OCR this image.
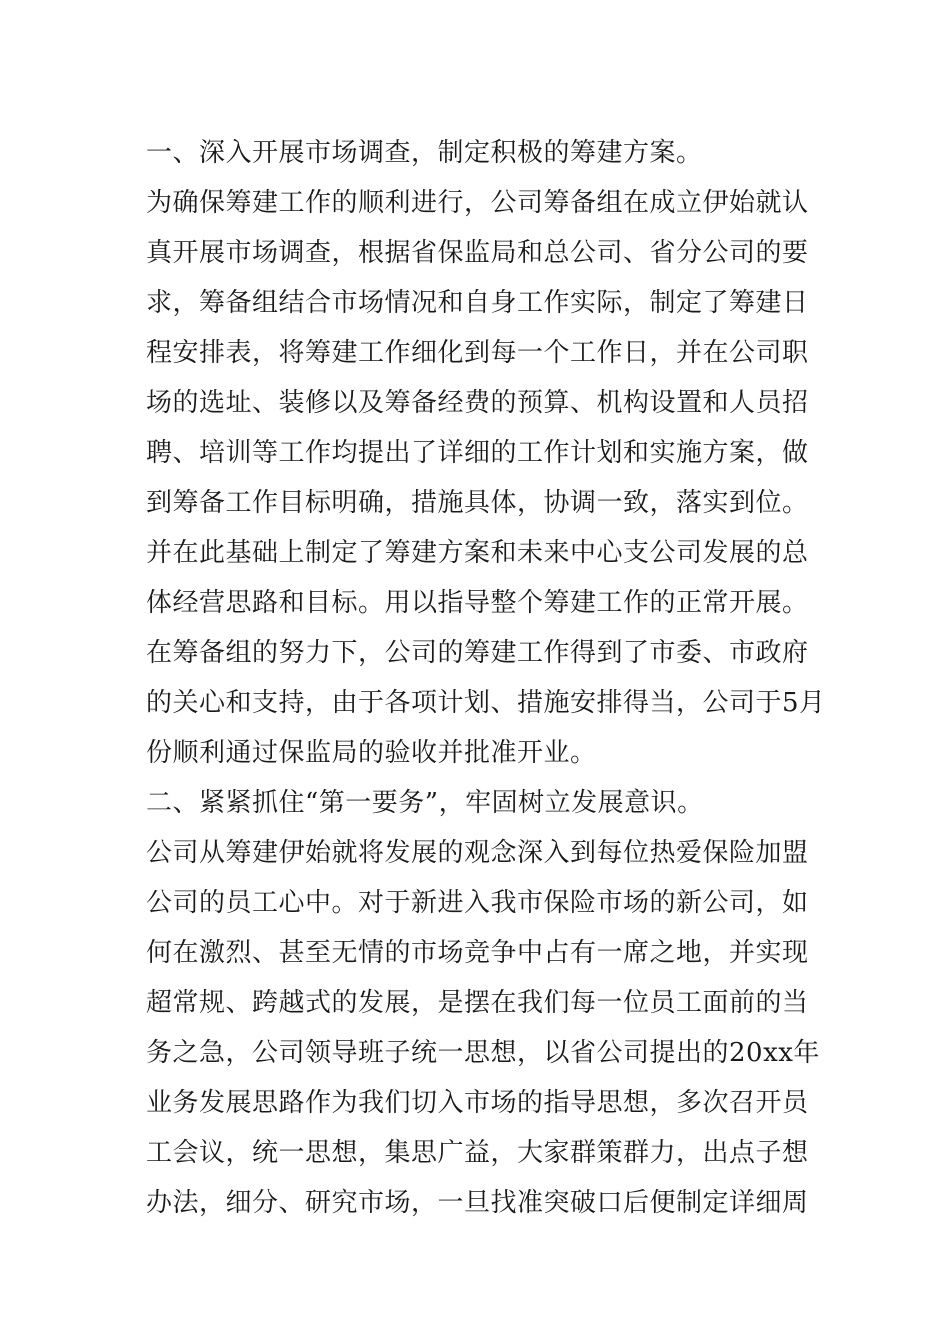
一、深入开展市场调查，制定积极的筹建方案。
为确保筹建工作的顺利进行，公司筹备组在成立伊始就认
真开展市场调查，根据省保监局和总公司、省分公司的要
求，筹备组结合市场情况和自身工作实际，制定了筹建日
程安排表，将筹建工作细化到每一个工作日，并在公司职
场的选址、装修以及筹备经费的预算、机构设置和人员招
聘、培训等工作均提出了详细的工作计划和实施方案，做
到筹备工作目标明确，措施具体，协调一致，落实到位。
并在此基础上制定了筹建方案和未来中心支公司发展的总
体经营思路和目标。用以指导整个筹建工作的正常开展。
在筹备组的努力下，公司的筹建工作得到了市委、市政府
的关心和支持，由于各项计划、措施安排得当，公司于5月
份顺利通过保监局的验收并批准开业。
二、紧紧抓住“第一要务”，牢固树立发展意识。
公司从筹建伊始就将发展的观念深入到每位热爱保险加盟
公司的员工心中。对于新进入我市保险市场的新公司，如
何在激烈、甚至无情的市场竞争中占有一席之地，并实现
超常规、跨越式的发展，是摆在我们每一位员工面前的当
务之急，公司领导班子统一思想，以省公司提出的20xx年
业务发展思路作为我们切入市场的指导思想，多次召开员
工会议，统一思想，集思广益，大家群策群力，出点子想
办法，细分、研究市场，一旦找准突破口后便制定详细周
